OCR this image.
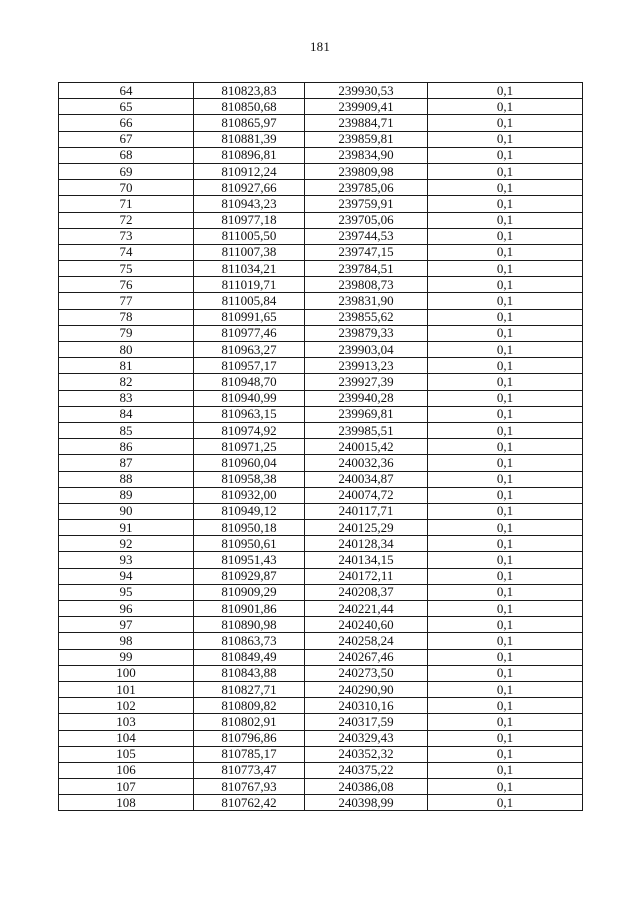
181
64	810823,83	239930,53	0,1
65	810850,68	239909,41	0,1
66	810865,97	239884,71	0,1
67	810881,39	239859,81	0,1
68	810896,81	239834,90	0,1
69	810912,24	239809,98	0,1
70	810927,66	239785,06	0,1
71	810943,23	239759,91	0,1
72	810977,18	239705,06	0,1
73	811005,50	239744,53	0,1
74	811007,38	239747,15	0,1
75	811034,21	239784,51	0,1
76	811019,71	239808,73	0,1
77	811005,84	239831,90	0,1
78	810991,65	239855,62	0,1
79	810977,46	239879,33	0,1
80	810963,27	239903,04	0,1
81	810957,17	239913,23	0,1
82	810948,70	239927,39	0,1
83	810940,99	239940,28	0,1
84	810963,15	239969,81	0,1
85	810974,92	239985,51	0,1
86	810971,25	240015,42	0,1
87	810960,04	240032,36	0,1
88	810958,38	240034,87	0,1
89	810932,00	240074,72	0,1
90	810949,12	240117,71	0,1
91	810950,18	240125,29	0,1
92	810950,61	240128,34	0,1
93	810951,43	240134,15	0,1
94	810929,87	240172,11	0,1
95	810909,29	240208,37	0,1
96	810901,86	240221,44	0,1
97	810890,98	240240,60	0,1
98	810863,73	240258,24	0,1
99	810849,49	240267,46	0,1
100	810843,88	240273,50	0,1
101	810827,71	240290,90	0,1
102	810809,82	240310,16	0,1
103	810802,91	240317,59	0,1
104	810796,86	240329,43	0,1
105	810785,17	240352,32	0,1
106	810773,47	240375,22	0,1
107	810767,93	240386,08	0,1
108	810762,42	240398,99	0,1
